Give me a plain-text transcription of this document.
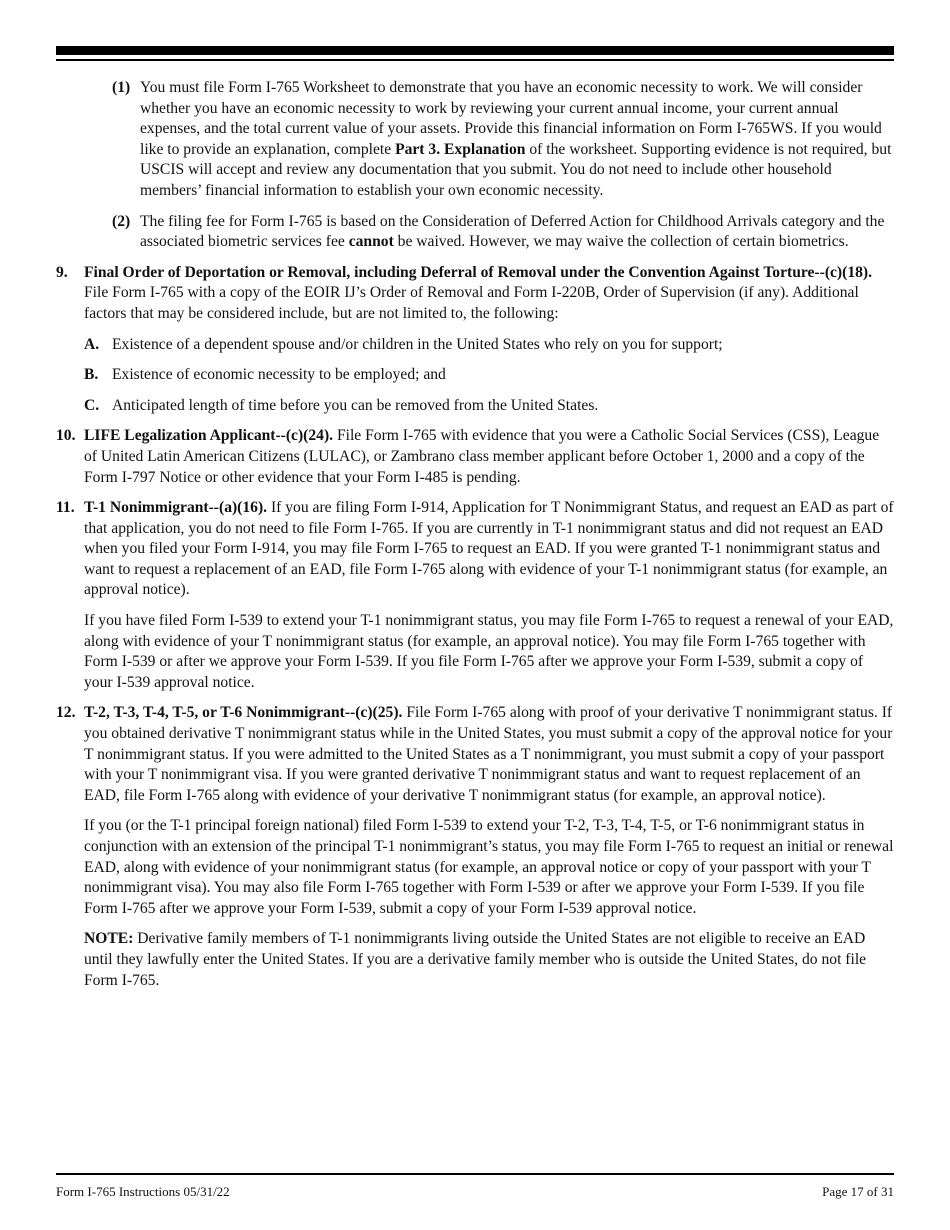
(1) You must file Form I-765 Worksheet to demonstrate that you have an economic necessity to work. We will consider whether you have an economic necessity to work by reviewing your current annual income, your current annual expenses, and the total current value of your assets. Provide this financial information on Form I-765WS. If you would like to provide an explanation, complete Part 3. Explanation of the worksheet. Supporting evidence is not required, but USCIS will accept and review any documentation that you submit. You do not need to include other household members’ financial information to establish your own economic necessity.
(2) The filing fee for Form I-765 is based on the Consideration of Deferred Action for Childhood Arrivals category and the associated biometric services fee cannot be waived. However, we may waive the collection of certain biometrics.
9.	Final Order of Deportation or Removal, including Deferral of Removal under the Convention Against Torture--(c)(18). File Form I-765 with a copy of the EOIR IJ’s Order of Removal and Form I-220B, Order of Supervision (if any). Additional factors that may be considered include, but are not limited to, the following:
A. Existence of a dependent spouse and/or children in the United States who rely on you for support;
B. Existence of economic necessity to be employed; and
C. Anticipated length of time before you can be removed from the United States.
10. LIFE Legalization Applicant--(c)(24). File Form I-765 with evidence that you were a Catholic Social Services (CSS), League of United Latin American Citizens (LULAC), or Zambrano class member applicant before October 1, 2000 and a copy of the Form I-797 Notice or other evidence that your Form I-485 is pending.
11. T-1 Nonimmigrant--(a)(16). If you are filing Form I-914, Application for T Nonimmigrant Status, and request an EAD as part of that application, you do not need to file Form I-765. If you are currently in T-1 nonimmigrant status and did not request an EAD when you filed your Form I-914, you may file Form I-765 to request an EAD. If you were granted T-1 nonimmigrant status and want to request a replacement of an EAD, file Form I-765 along with evidence of your T-1 nonimmigrant status (for example, an approval notice).
If you have filed Form I-539 to extend your T-1 nonimmigrant status, you may file Form I-765 to request a renewal of your EAD, along with evidence of your T nonimmigrant status (for example, an approval notice). You may file Form I-765 together with Form I-539 or after we approve your Form I-539. If you file Form I-765 after we approve your Form I-539, submit a copy of your I-539 approval notice.
12. T-2, T-3, T-4, T-5, or T-6 Nonimmigrant--(c)(25). File Form I-765 along with proof of your derivative T nonimmigrant status. If you obtained derivative T nonimmigrant status while in the United States, you must submit a copy of the approval notice for your T nonimmigrant status. If you were admitted to the United States as a T nonimmigrant, you must submit a copy of your passport with your T nonimmigrant visa. If you were granted derivative T nonimmigrant status and want to request replacement of an EAD, file Form I-765 along with evidence of your derivative T nonimmigrant status (for example, an approval notice).
If you (or the T-1 principal foreign national) filed Form I-539 to extend your T-2, T-3, T-4, T-5, or T-6 nonimmigrant status in conjunction with an extension of the principal T-1 nonimmigrant’s status, you may file Form I-765 to request an initial or renewal EAD, along with evidence of your nonimmigrant status (for example, an approval notice or copy of your passport with your T nonimmigrant visa). You may also file Form I-765 together with Form I-539 or after we approve your Form I-539. If you file Form I-765 after we approve your Form I-539, submit a copy of your Form I-539 approval notice.
NOTE: Derivative family members of T-1 nonimmigrants living outside the United States are not eligible to receive an EAD until they lawfully enter the United States. If you are a derivative family member who is outside the United States, do not file Form I-765.
Form I-765 Instructions 05/31/22	Page 17 of 31
